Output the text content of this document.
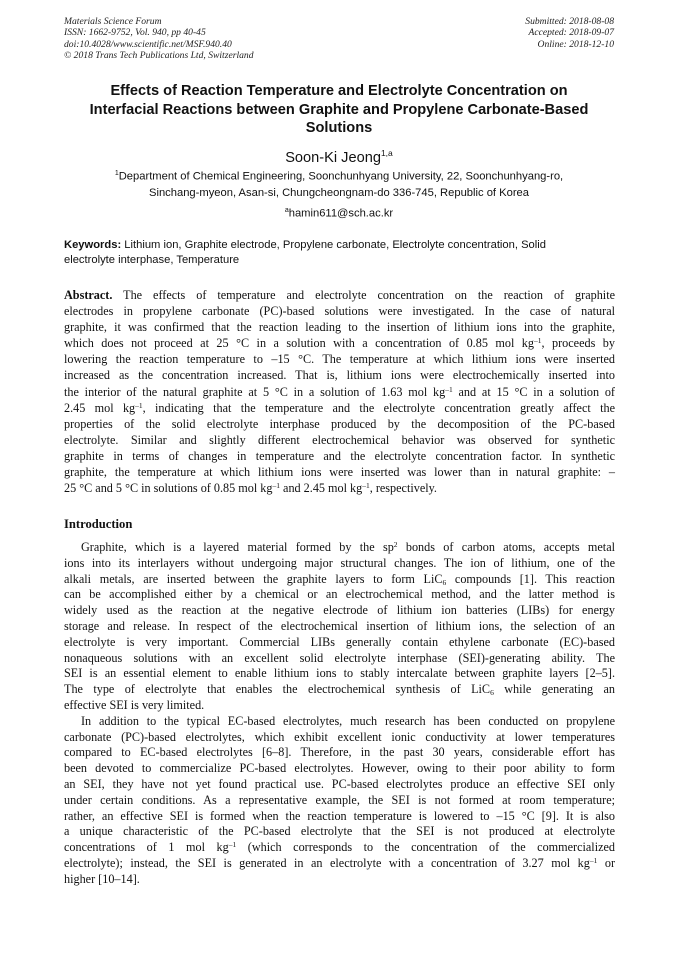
Materials Science Forum
ISSN: 1662-9752, Vol. 940, pp 40-45
doi:10.4028/www.scientific.net/MSF.940.40
© 2018 Trans Tech Publications Ltd, Switzerland
Submitted: 2018-08-08
Accepted: 2018-09-07
Online: 2018-12-10
Effects of Reaction Temperature and Electrolyte Concentration on
Interfacial Reactions between Graphite and Propylene Carbonate-Based
Solutions
Soon-Ki Jeong$^{1,a}$
$^1$Department of Chemical Engineering, Soonchunhyang University, 22, Soonchunhyang-ro,
Sinchang-myeon, Asan-si, Chungcheongnam-do 336-745, Republic of Korea
$^a$hamin611@sch.ac.kr
Keywords: Lithium ion, Graphite electrode, Propylene carbonate, Electrolyte concentration, Solid
electrolyte interphase, Temperature
Abstract. The effects of temperature and electrolyte concentration on the reaction of graphite
electrodes in propylene carbonate (PC)-based solutions were investigated. In the case of natural
graphite, it was confirmed that the reaction leading to the insertion of lithium ions into the graphite,
which does not proceed at 25 °C in a solution with a concentration of 0.85 mol $kg^{-1}$, proceeds by
lowering the reaction temperature to –15 °C. The temperature at which lithium ions were inserted
increased as the concentration increased. That is, lithium ions were electrochemically inserted into
the interior of the natural graphite at 5 °C in a solution of 1.63 mol $kg^{-1}$ and at 15 °C in a solution of
2.45 mol $kg^{-1}$, indicating that the temperature and the electrolyte concentration greatly affect the
properties of the solid electrolyte interphase produced by the decomposition of the PC-based
electrolyte. Similar and slightly different electrochemical behavior was observed for synthetic
graphite in terms of changes in temperature and the electrolyte concentration factor. In synthetic
graphite, the temperature at which lithium ions were inserted was lower than in natural graphite: –
25 °C and 5 °C in solutions of 0.85 mol $kg^{-1}$ and 2.45 mol $kg^{-1}$, respectively.
Introduction
Graphite, which is a layered material formed by the $sp^2$ bonds of carbon atoms, accepts metal
ions into its interlayers without undergoing major structural changes. The ion of lithium, one of the
alkali metals, are inserted between the graphite layers to form LiC$_6$ compounds [1]. This reaction
can be accomplished either by a chemical or an electrochemical method, and the latter method is
widely used as the reaction at the negative electrode of lithium ion batteries (LIBs) for energy
storage and release. In respect of the electrochemical insertion of lithium ions, the selection of an
electrolyte is very important. Commercial LIBs generally contain ethylene carbonate (EC)-based
nonaqueous solutions with an excellent solid electrolyte interphase (SEI)-generating ability. The
SEI is an essential element to enable lithium ions to stably intercalate between graphite layers [2–5].
The type of electrolyte that enables the electrochemical synthesis of LiC$_6$ while generating an
effective SEI is very limited.
In addition to the typical EC-based electrolytes, much research has been conducted on propylene
carbonate (PC)-based electrolytes, which exhibit excellent ionic conductivity at lower temperatures
compared to EC-based electrolytes [6–8]. Therefore, in the past 30 years, considerable effort has
been devoted to commercialize PC-based electrolytes. However, owing to their poor ability to form
an SEI, they have not yet found practical use. PC-based electrolytes produce an effective SEI only
under certain conditions. As a representative example, the SEI is not formed at room temperature;
rather, an effective SEI is formed when the reaction temperature is lowered to –15 °C [9]. It is also
a unique characteristic of the PC-based electrolyte that the SEI is not produced at electrolyte
concentrations of 1 mol $kg^{-1}$ (which corresponds to the concentration of the commercialized
electrolyte); instead, the SEI is generated in an electrolyte with a concentration of 3.27 mol $kg^{-1}$ or
higher [10–14].
